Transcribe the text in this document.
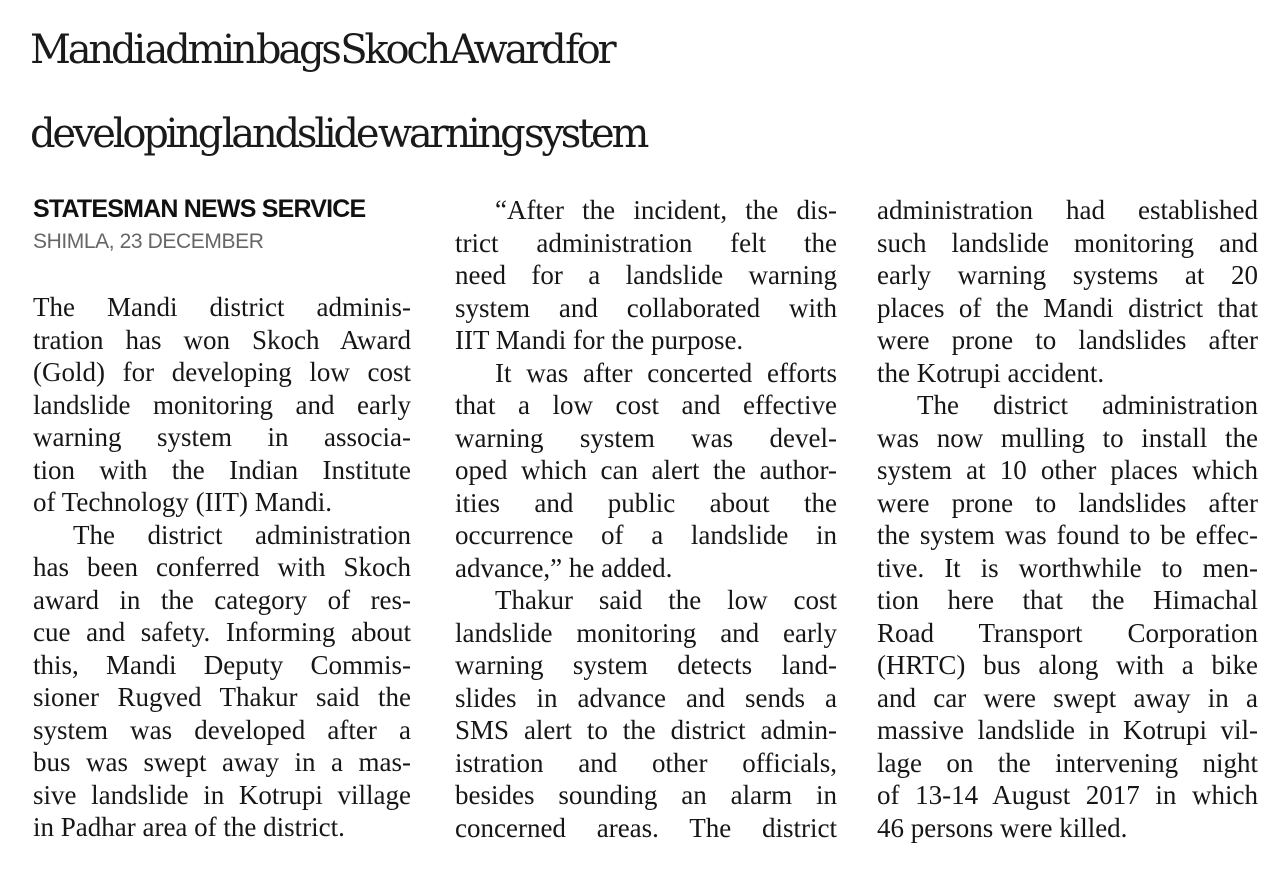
Mandi admin bags Skoch Award for
developing landslide warning system
STATESMAN NEWS SERVICE
SHIMLA, 23 DECEMBER
The Mandi district adminis-
tration has won Skoch Award
(Gold) for developing low cost
landslide monitoring and early
warning system in associa-
tion with the Indian Institute
of Technology (IIT) Mandi.
The district administration
has been conferred with Skoch
award in the category of res-
cue and safety. Informing about
this, Mandi Deputy Commis-
sioner Rugved Thakur said the
system was developed after a
bus was swept away in a mas-
sive landslide in Kotrupi village
in Padhar area of the district.
“After the incident, the dis-
trict administration felt the
need for a landslide warning
system and collaborated with
IIT Mandi for the purpose.
It was after concerted efforts
that a low cost and effective
warning system was devel-
oped which can alert the author-
ities and public about the
occurrence of a landslide in
advance,” he added.
Thakur said the low cost
landslide monitoring and early
warning system detects land-
slides in advance and sends a
SMS alert to the district admin-
istration and other officials,
besides sounding an alarm in
concerned areas. The district
administration had established
such landslide monitoring and
early warning systems at 20
places of the Mandi district that
were prone to landslides after
the Kotrupi accident.
The district administration
was now mulling to install the
system at 10 other places which
were prone to landslides after
the system was found to be effec-
tive. It is worthwhile to men-
tion here that the Himachal
Road Transport Corporation
(HRTC) bus along with a bike
and car were swept away in a
massive landslide in Kotrupi vil-
lage on the intervening night
of 13-14 August 2017 in which
46 persons were killed.
